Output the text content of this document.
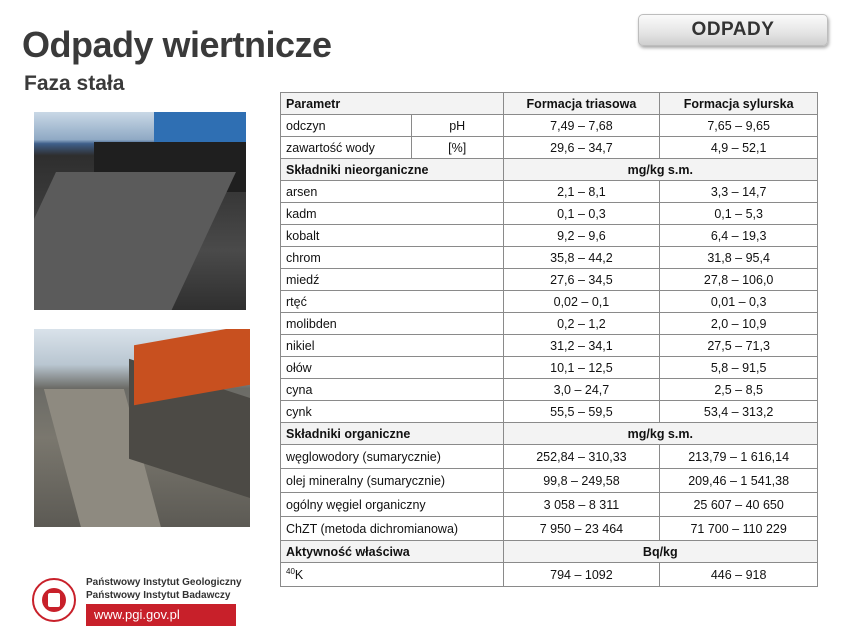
Odpady wiertnicze
Faza stała
ODPADY
Parametr		Formacja triasowa	Formacja sylurska
odczyn	pH	7,49 – 7,68	7,65 – 9,65
zawartość wody	[%]	29,6 – 34,7	4,9 – 52,1
Składniki nieorganiczne		mg/kg s.m.	
arsen		2,1 – 8,1	3,3 – 14,7
kadm		0,1 – 0,3	0,1 – 5,3
kobalt		9,2 – 9,6	6,4 – 19,3
chrom		35,8 – 44,2	31,8 – 95,4
miedź		27,6 – 34,5	27,8 – 106,0
rtęć		0,02 – 0,1	0,01 – 0,3
molibden		0,2 – 1,2	2,0 – 10,9
nikiel		31,2 – 34,1	27,5 – 71,3
ołów		10,1 – 12,5	5,8 – 91,5
cyna		3,0 – 24,7	2,5 – 8,5
cynk		55,5 – 59,5	53,4 – 313,2
Składniki organiczne		mg/kg s.m.	
węglowodory (sumarycznie)		252,84 – 310,33	213,79 – 1 616,14
olej mineralny (sumarycznie)		99,8 – 249,58	209,46 – 1 541,38
ogólny węgiel organiczny		3 058 – 8 311	25 607 – 40 650
ChZT (metoda dichromianowa)		7 950 – 23 464	71 700 – 110 229
Aktywność właściwa		Bq/kg	
$^{40}$K		794 – 1092	446 – 918
Państwowy Instytut Geologiczny
Państwowy Instytut Badawczy
www.pgi.gov.pl
